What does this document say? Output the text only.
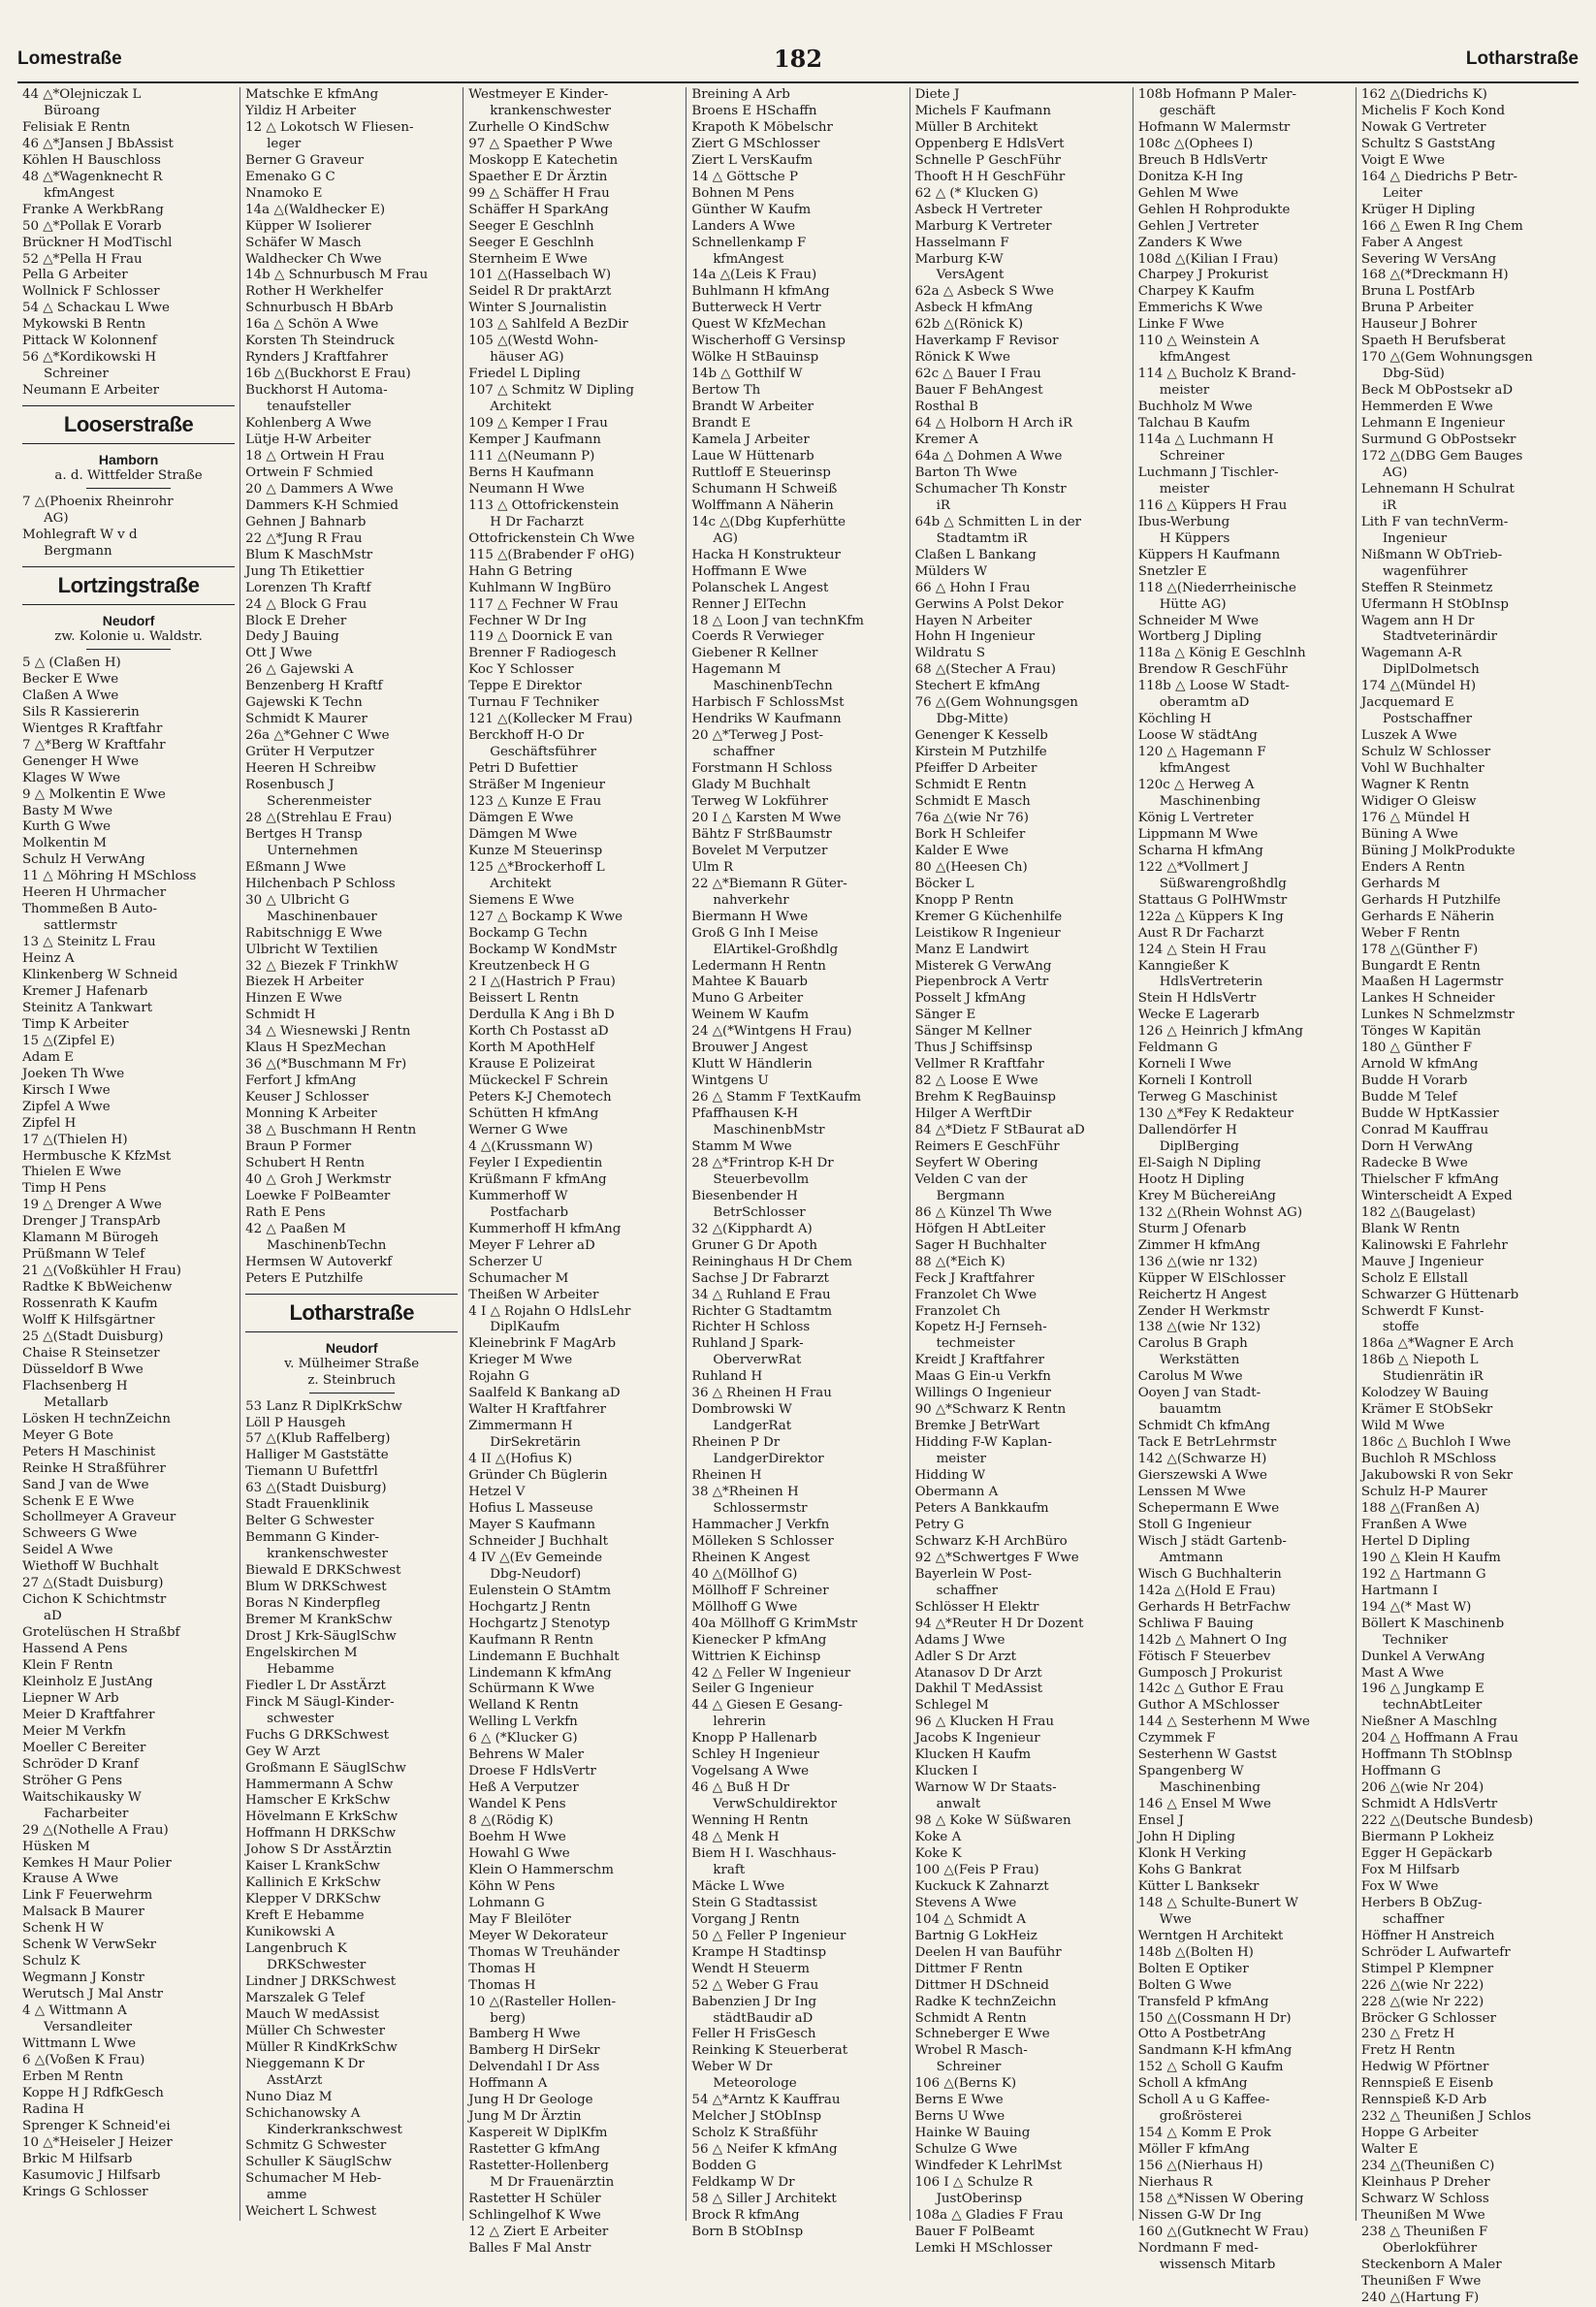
Lomestraße	182	Lotharstraße
44 △*Olejniczak L
Büroang
Felisiak E Rentn
46 △*Jansen J BbAssist
Köhlen H Bauschloss
48 △*Wagenknecht R
kfmAngest
Franke A WerkbRang
50 △*Pollak E Vorarb
Brückner H ModTischl
52 △*Pella H Frau
Pella G Arbeiter
Wollnick F Schlosser
54 △ Schackau L Wwe
Mykowski B Rentn
Pittack W Kolonnenf
56 △*Kordikowski H
Schreiner
Neumann E Arbeiter
Looserstraße
Hamborn
a. d. Wittfelder Straße
7 △(Phoenix Rheinrohr
AG)
Mohlegraft W v d
Bergmann
Lortzingstraße
Neudorf
zw. Kolonie u. Waldstr.
5 △ (Claßen H)
Becker E Wwe
Claßen A Wwe
Sils R Kassiererin
Wientges R Kraftfahr
7 △*Berg W Kraftfahr
Genenger H Wwe
Klages W Wwe
9 △ Molkentin E Wwe
Basty M Wwe
Kurth G Wwe
Molkentin M
Schulz H VerwAng
11 △ Möhring H MSchloss
Heeren H Uhrmacher
Thommeßen B Auto-
sattlermstr
13 △ Steinitz L Frau
Heinz A
Klinkenberg W Schneid
Kremer J Hafenarb
Steinitz A Tankwart
Timp K Arbeiter
15 △(Zipfel E)
Adam E
Joeken Th Wwe
Kirsch I Wwe
Zipfel A Wwe
Zipfel H
17 △(Thielen H)
Hermbusche K KfzMst
Thielen E Wwe
Timp H Pens
19 △ Drenger A Wwe
Drenger J TranspArb
Klamann M Bürogeh
Prüßmann W Telef
21 △(Voßkühler H Frau)
Radtke K BbWeichenw
Rossenrath K Kaufm
Wolff K Hilfsgärtner
25 △(Stadt Duisburg)
Chaise R Steinsetzer
Düsseldorf B Wwe
Flachsenberg H
Metallarb
Lösken H technZeichn
Meyer G Bote
Peters H Maschinist
Reinke H Straßführer
Sand J van de Wwe
Schenk E E Wwe
Schollmeyer A Graveur
Schweers G Wwe
Seidel A Wwe
Wiethoff W Buchhalt
27 △(Stadt Duisburg)
Cichon K Schichtmstr
aD
Grotelüschen H Straßbf
Hassend A Pens
Klein F Rentn
Kleinholz E JustAng
Liepner W Arb
Meier D Kraftfahrer
Meier M Verkfn
Moeller C Bereiter
Schröder D Kranf
Ströher G Pens
Waitschikausky W
Facharbeiter
29 △(Nothelle A Frau)
Hüsken M
Kemkes H Maur Polier
Krause A Wwe
Link F Feuerwehrm
Malsack B Maurer
Schenk H W
Schenk W VerwSekr
Schulz K
Wegmann J Konstr
Werutsch J Mal Anstr
4 △ Wittmann A
Versandleiter
Wittmann L Wwe
6 △(Voßen K Frau)
Erben M Rentn
Koppe H J RdfkGesch
Radina H
Sprenger K Schneid'ei
10 △*Heiseler J Heizer
Brkic M Hilfsarb
Kasumovic J Hilfsarb
Krings G Schlosser
Matschke E kfmAng
Yildiz H Arbeiter
12 △ Lokotsch W Fliesen-
leger
Berner G Graveur
Emenako G C
Nnamoko E
14a △(Waldhecker E)
Küpper W Isolierer
Schäfer W Masch
Waldhecker Ch Wwe
14b △ Schnurbusch M Frau
Rother H Werkhelfer
Schnurbusch H BbArb
16a △ Schön A Wwe
Korsten Th Steindruck
Rynders J Kraftfahrer
16b △(Buckhorst E Frau)
Buckhorst H Automa-
tenaufsteller
Kohlenberg A Wwe
Lütje H-W Arbeiter
18 △ Ortwein H Frau
Ortwein F Schmied
20 △ Dammers A Wwe
Dammers K-H Schmied
Gehnen J Bahnarb
22 △*Jung R Frau
Blum K MaschMstr
Jung Th Etikettier
Lorenzen Th Kraftf
24 △ Block G Frau
Block E Dreher
Dedy J Bauing
Ott J Wwe
26 △ Gajewski A
Benzenberg H Kraftf
Gajewski K Techn
Schmidt K Maurer
26a △*Gehner C Wwe
Grüter H Verputzer
Heeren H Schreibw
Rosenbusch J
Scherenmeister
28 △(Strehlau E Frau)
Bertges H Transp
Unternehmen
Eßmann J Wwe
Hilchenbach P Schloss
30 △ Ulbricht G
Maschinenbauer
Rabitschnigg E Wwe
Ulbricht W Textilien
32 △ Biezek F TrinkhW
Biezek H Arbeiter
Hinzen E Wwe
Schmidt H
34 △ Wiesnewski J Rentn
Klaus H SpezMechan
36 △(*Buschmann M Fr)
Ferfort J kfmAng
Keuser J Schlosser
Monning K Arbeiter
38 △ Buschmann H Rentn
Braun P Former
Schubert H Rentn
40 △ Groh J Werkmstr
Loewke F PolBeamter
Rath E Pens
42 △ Paaßen M
MaschinenbTechn
Hermsen W Autoverkf
Peters E Putzhilfe
Lotharstraße
Neudorf
v. Mülheimer Straße
z. Steinbruch
53 Lanz R DiplKrkSchw
Löll P Hausgeh
57 △(Klub Raffelberg)
Halliger M Gaststätte
Tiemann U Bufettfrl
63 △(Stadt Duisburg)
Stadt Frauenklinik
Belter G Schwester
Bemmann G Kinder-
krankenschwester
Biewald E DRKSchwest
Blum W DRKSchwest
Boras N Kinderpfleg
Bremer M KrankSchw
Drost J Krk-SäuglSchw
Engelskirchen M
Hebamme
Fiedler L Dr AsstÄrzt
Finck M Säugl-Kinder-
schwester
Fuchs G DRKSchwest
Gey W Arzt
Großmann E SäuglSchw
Hammermann A Schw
Hamscher E KrkSchw
Hövelmann E KrkSchw
Hoffmann H DRKSchw
Johow S Dr AsstÄrztin
Kaiser L KrankSchw
Kallinich E KrkSchw
Klepper V DRKSchw
Kreft E Hebamme
Kunikowski A
Langenbruch K
DRKSchwester
Lindner J DRKSchwest
Marszalek G Telef
Mauch W medAssist
Müller Ch Schwester
Müller R KindKrkSchw
Nieggemann K Dr
AsstArzt
Nuno Diaz M
Schichanowsky A
Kinderkrankschwest
Schmitz G Schwester
Schuller K SäuglSchw
Schumacher M Heb-
amme
Weichert L Schwest
Westmeyer E Kinder-
krankenschwester
Zurhelle O KindSchw
97 △ Spaether P Wwe
Moskopp E Katechetin
Spaether E Dr Ärztin
99 △ Schäffer H Frau
Schäffer H SparkAng
Seeger E Geschlnh
Seeger E Geschlnh
Sternheim E Wwe
101 △(Hasselbach W)
Seidel R Dr praktArzt
Winter S Journalistin
103 △ Sahlfeld A BezDir
105 △(Westd Wohn-
häuser AG)
Friedel L Dipling
107 △ Schmitz W Dipling
Architekt
109 △ Kemper I Frau
Kemper J Kaufmann
111 △(Neumann P)
Berns H Kaufmann
Neumann H Wwe
113 △ Ottofrickenstein
H Dr Facharzt
Ottofrickenstein Ch Wwe
115 △(Brabender F oHG)
Hahn G Betring
Kuhlmann W IngBüro
117 △ Fechner W Frau
Fechner W Dr Ing
119 △ Doornick E van
Brenner F Radiogesch
Koc Y Schlosser
Teppe E Direktor
Turnau F Techniker
121 △(Kollecker M Frau)
Berckhoff H-O Dr
Geschäftsführer
Petri D Bufettier
Sträßer M Ingenieur
123 △ Kunze E Frau
Dämgen E Wwe
Dämgen M Wwe
Kunze M Steuerinsp
125 △*Brockerhoff L
Architekt
Siemens E Wwe
127 △ Bockamp K Wwe
Bockamp G Techn
Bockamp W KondMstr
Kreutzenbeck H G
2 I △(Hastrich P Frau)
Beissert L Rentn
Derdulla K Ang i Bh D
Korth Ch Postasst aD
Korth M ApothHelf
Krause E Polizeirat
Mückeckel F Schrein
Peters K-J Chemotech
Schütten H kfmAng
Werner G Wwe
4 △(Krussmann W)
Feyler I Expedientin
Krüßmann F kfmAng
Kummerhoff W
Postfacharb
Kummerhoff H kfmAng
Meyer F Lehrer aD
Scherzer U
Schumacher M
Theißen W Arbeiter
4 I △ Rojahn O HdlsLehr
DiplKaufm
Kleinebrink F MagArb
Krieger M Wwe
Rojahn G
Saalfeld K Bankang aD
Walter H Kraftfahrer
Zimmermann H
DirSekretärin
4 II △(Hofius K)
Gründer Ch Büglerin
Hetzel V
Hofius L Masseuse
Mayer S Kaufmann
Schneider J Buchhalt
4 IV △(Ev Gemeinde
Dbg-Neudorf)
Eulenstein O StAmtm
Hochgartz J Rentn
Hochgartz J Stenotyp
Kaufmann R Rentn
Lindemann E Buchhalt
Lindemann K kfmAng
Schürmann K Wwe
Welland K Rentn
Welling L Verkfn
6 △ (*Klucker G)
Behrens W Maler
Droese F HdlsVertr
Heß A Verputzer
Wandel K Pens
8 △(Rödig K)
Boehm H Wwe
Howahl G Wwe
Klein O Hammerschm
Köhn W Pens
Lohmann G
May F Bleilöter
Meyer W Dekorateur
Thomas W Treuhänder
Thomas H
Thomas H
10 △(Rasteller Hollen-
berg)
Bamberg H Wwe
Bamberg H DirSekr
Delvendahl I Dr Ass
Hoffmann A
Jung H Dr Geologe
Jung M Dr Ärztin
Kaspereit W DiplKfm
Rastetter G kfmAng
Rastetter-Hollenberg
M Dr Frauenärztin
Rastetter H Schüler
Schlingelhof K Wwe
12 △ Ziert E Arbeiter
Balles F Mal Anstr
Breining A Arb
Broens E HSchaffn
Krapoth K Möbelschr
Ziert G MSchlosser
Ziert L VersKaufm
14 △ Göttsche P
Bohnen M Pens
Günther W Kaufm
Landers A Wwe
Schnellenkamp F
kfmAngest
14a △(Leis K Frau)
Buhlmann H kfmAng
Butterweck H Vertr
Quest W KfzMechan
Wischerhoff G Versinsp
Wölke H StBauinsp
14b △ Gotthilf W
Bertow Th
Brandt W Arbeiter
Brandt E
Kamela J Arbeiter
Laue W Hüttenarb
Ruttloff E Steuerinsp
Schumann H Schweiß
Wolffmann A Näherin
14c △(Dbg Kupferhütte
AG)
Hacka H Konstrukteur
Hoffmann E Wwe
Polanschek L Angest
Renner J ElTechn
18 △ Loon J van technKfm
Coerds R Verwieger
Giebener R Kellner
Hagemann M
MaschinenbTechn
Harbisch F SchlossMst
Hendriks W Kaufmann
20 △*Terweg J Post-
schaffner
Forstmann H Schloss
Glady M Buchhalt
Terweg W Lokführer
20 I △ Karsten M Wwe
Bähtz F StrßBaumstr
Bovelet M Verputzer
Ulm R
22 △*Biemann R Güter-
nahverkehr
Biermann H Wwe
Groß G Inh I Meise
ElArtikel-Großhdlg
Ledermann H Rentn
Mahtee K Bauarb
Muno G Arbeiter
Weinem W Kaufm
24 △(*Wintgens H Frau)
Brouwer J Angest
Klutt W Händlerin
Wintgens U
26 △ Stamm F TextKaufm
Pfaffhausen K-H
MaschinenbMstr
Stamm M Wwe
28 △*Frintrop K-H Dr
Steuerbevollm
Biesenbender H
BetrSchlosser
32 △(Kipphardt A)
Gruner G Dr Apoth
Reininghaus H Dr Chem
Sachse J Dr Fabrarzt
34 △ Ruhland E Frau
Richter G Stadtamtm
Richter H Schloss
Ruhland J Spark-
OberverwRat
Ruhland H
36 △ Rheinen H Frau
Dombrowski W
LandgerRat
Rheinen P Dr
LandgerDirektor
Rheinen H
38 △*Rheinen H
Schlossermstr
Hammacher J Verkfn
Mölleken S Schlosser
Rheinen K Angest
40 △(Möllhof G)
Möllhoff F Schreiner
Möllhoff G Wwe
40a Möllhoff G KrimMstr
Kienecker P kfmAng
Wittrien K Eichinsp
42 △ Feller W Ingenieur
Seiler G Ingenieur
44 △ Giesen E Gesang-
lehrerin
Knopp P Hallenarb
Schley H Ingenieur
Vogelsang A Wwe
46 △ Buß H Dr
VerwSchuldirektor
Wenning H Rentn
48 △ Menk H
Biem H I. Waschhaus-
kraft
Mäcke L Wwe
Stein G Stadtassist
Vorgang J Rentn
50 △ Feller P Ingenieur
Krampe H Stadtinsp
Wendt H Steuerm
52 △ Weber G Frau
Babenzien J Dr Ing
städtBaudir aD
Feller H FrisGesch
Reinking K Steuerberat
Weber W Dr
Meteorologe
54 △*Arntz K Kauffrau
Melcher J StObInsp
Scholz K Straßführ
56 △ Neifer K kfmAng
Bodden G
Feldkamp W Dr
58 △ Siller J Architekt
Brock R kfmAng
Born B StObInsp
Diete J
Michels F Kaufmann
Müller B Architekt
Oppenberg E HdlsVert
Schnelle P GeschFühr
Thooft H H GeschFühr
62 △ (* Klucken G)
Asbeck H Vertreter
Marburg K Vertreter
Hasselmann F
Marburg K-W
VersAgent
62a △ Asbeck S Wwe
Asbeck H kfmAng
62b △(Rönick K)
Haverkamp F Revisor
Rönick K Wwe
62c △ Bauer I Frau
Bauer F BehAngest
Rosthal B
64 △ Holborn H Arch iR
Kremer A
64a △ Dohmen A Wwe
Barton Th Wwe
Schumacher Th Konstr
iR
64b △ Schmitten L in der
Stadtamtm iR
Claßen L Bankang
Mülders W
66 △ Hohn I Frau
Gerwins A Polst Dekor
Hayen N Arbeiter
Hohn H Ingenieur
Wildratu S
68 △(Stecher A Frau)
Stechert E kfmAng
76 △(Gem Wohnungsgen
Dbg-Mitte)
Genenger K Kesselb
Kirstein M Putzhilfe
Pfeiffer D Arbeiter
Schmidt E Rentn
Schmidt E Masch
76a △(wie Nr 76)
Bork H Schleifer
Kalder E Wwe
80 △(Heesen Ch)
Böcker L
Knopp P Rentn
Kremer G Küchenhilfe
Leistikow R Ingenieur
Manz E Landwirt
Misterek G VerwAng
Piepenbrock A Vertr
Posselt J kfmAng
Sänger E
Sänger M Kellner
Thus J Schiffsinsp
Vellmer R Kraftfahr
82 △ Loose E Wwe
Brehm K RegBauinsp
Hilger A WerftDir
84 △*Dietz F StBaurat aD
Reimers E GeschFühr
Seyfert W Obering
Velden C van der
Bergmann
86 △ Künzel Th Wwe
Höfgen H AbtLeiter
Sager H Buchhalter
88 △(*Eich K)
Feck J Kraftfahrer
Franzolet Ch Wwe
Franzolet Ch
Kopetz H-J Fernseh-
techmeister
Kreidt J Kraftfahrer
Maas G Ein-u Verkfn
Willings O Ingenieur
90 △*Schwarz K Rentn
Bremke J BetrWart
Hidding F-W Kaplan-
meister
Hidding W
Obermann A
Peters A Bankkaufm
Petry G
Schwarz K-H ArchBüro
92 △*Schwertges F Wwe
Bayerlein W Post-
schaffner
Schlösser H Elektr
94 △*Reuter H Dr Dozent
Adams J Wwe
Adler S Dr Arzt
Atanasov D Dr Arzt
Dakhil T MedAssist
Schlegel M
96 △ Klucken H Frau
Jacobs K Ingenieur
Klucken H Kaufm
Klucken I
Warnow W Dr Staats-
anwalt
98 △ Koke W Süßwaren
Koke A
Koke K
100 △(Feis P Frau)
Kuckuck K Zahnarzt
Stevens A Wwe
104 △ Schmidt A
Bartnig G LokHeiz
Deelen H van Bauführ
Dittmer F Rentn
Dittmer H DSchneid
Radke K technZeichn
Schmidt A Rentn
Schneberger E Wwe
Wrobel R Masch-
Schreiner
106 △(Berns K)
Berns E Wwe
Berns U Wwe
Hainke W Bauing
Schulze G Wwe
Windfeder K LehrlMst
106 I △ Schulze R
JustOberinsp
108a △ Gladies F Frau
Bauer F PolBeamt
Lemki H MSchlosser
108b Hofmann P Maler-
geschäft
Hofmann W Malermstr
108c △(Ophees I)
Breuch B HdlsVertr
Donitza K-H Ing
Gehlen M Wwe
Gehlen H Rohprodukte
Gehlen J Vertreter
Zanders K Wwe
108d △(Kilian I Frau)
Charpey J Prokurist
Charpey K Kaufm
Emmerichs K Wwe
Linke F Wwe
110 △ Weinstein A
kfmAngest
114 △ Bucholz K Brand-
meister
Buchholz M Wwe
Talchau B Kaufm
114a △ Luchmann H
Schreiner
Luchmann J Tischler-
meister
116 △ Küppers H Frau
Ibus-Werbung
H Küppers
Küppers H Kaufmann
Snetzler E
118 △(Niederrheinische
Hütte AG)
Schneider M Wwe
Wortberg J Dipling
118a △ König E Geschlnh
Brendow R GeschFühr
118b △ Loose W Stadt-
oberamtm aD
Köchling H
Loose W städtAng
120 △ Hagemann F
kfmAngest
120c △ Herweg A
Maschinenbing
König L Vertreter
Lippmann M Wwe
Scharna H kfmAng
122 △*Vollmert J
Süßwarengroßhdlg
Stattaus G PolHWmstr
122a △ Küppers K Ing
Aust R Dr Facharzt
124 △ Stein H Frau
Kanngießer K
HdlsVertreterin
Stein H HdlsVertr
Wecke E Lagerarb
126 △ Heinrich J kfmAng
Feldmann G
Korneli I Wwe
Korneli I Kontroll
Terweg G Maschinist
130 △*Fey K Redakteur
Dallendörfer H
DiplBerging
El-Saigh N Dipling
Hootz H Dipling
Krey M BüchereiAng
132 △(Rhein Wohnst AG)
Sturm J Ofenarb
Zimmer H kfmAng
136 △(wie nr 132)
Küpper W ElSchlosser
Reichertz H Angest
Zender H Werkmstr
138 △(wie Nr 132)
Carolus B Graph
Werkstätten
Carolus M Wwe
Ooyen J van Stadt-
bauamtm
Schmidt Ch kfmAng
Tack E BetrLehrmstr
142 △(Schwarze H)
Gierszewski A Wwe
Lenssen M Wwe
Schepermann E Wwe
Stoll G Ingenieur
Wisch J städt Gartenb-
Amtmann
Wisch G Buchhalterin
142a △(Hold E Frau)
Gerhards H BetrFachw
Schliwa F Bauing
142b △ Mahnert O Ing
Fötisch F Steuerbev
Gumposch J Prokurist
142c △ Guthor E Frau
Guthor A MSchlosser
144 △ Sesterhenn M Wwe
Czymmek F
Sesterhenn W Gastst
Spangenberg W
Maschinenbing
146 △ Ensel M Wwe
Ensel J
John H Dipling
Klonk H Verking
Kohs G Bankrat
Kütter L Banksekr
148 △ Schulte-Bunert W
Wwe
Werntgen H Architekt
148b △(Bolten H)
Bolten E Optiker
Bolten G Wwe
Transfeld P kfmAng
150 △(Cossmann H Dr)
Otto A PostbetrAng
Sandmann K-H kfmAng
152 △ Scholl G Kaufm
Scholl A kfmAng
Scholl A u G Kaffee-
großrösterei
154 △ Komm E Prok
Möller F kfmAng
156 △(Nierhaus H)
Nierhaus R
158 △*Nissen W Obering
Nissen G-W Dr Ing
160 △(Gutknecht W Frau)
Nordmann F med-
wissensch Mitarb
162 △(Diedrichs K)
Michelis F Koch Kond
Nowak G Vertreter
Schultz S GaststAng
Voigt E Wwe
164 △ Diedrichs P Betr-
Leiter
Krüger H Dipling
166 △ Ewen R Ing Chem
Faber A Angest
Severing W VersAng
168 △(*Dreckmann H)
Bruna L PostfArb
Bruna P Arbeiter
Hauseur J Bohrer
Spaeth H Berufsberat
170 △(Gem Wohnungsgen
Dbg-Süd)
Beck M ObPostsekr aD
Hemmerden E Wwe
Lehmann E Ingenieur
Surmund G ObPostsekr
172 △(DBG Gem Bauges
AG)
Lehnemann H Schulrat
iR
Lith F van technVerm-
Ingenieur
Nißmann W ObTrieb-
wagenführer
Steffen R Steinmetz
Ufermann H StObInsp
Wagem ann H Dr
Stadtveterinärdir
Wagemann A-R
DiplDolmetsch
174 △(Mündel H)
Jacquemard E
Postschaffner
Luszek A Wwe
Schulz W Schlosser
Vohl W Buchhalter
Wagner K Rentn
Widiger O Gleisw
176 △ Mündel H
Büning A Wwe
Büning J MolkProdukte
Enders A Rentn
Gerhards M
Gerhards H Putzhilfe
Gerhards E Näherin
Weber F Rentn
178 △(Günther F)
Bungardt E Rentn
Maaßen H Lagermstr
Lankes H Schneider
Lunkes N Schmelzmstr
Tönges W Kapitän
180 △ Günther F
Arnold W kfmAng
Budde H Vorarb
Budde M Telef
Budde W HptKassier
Conrad M Kauffrau
Dorn H VerwAng
Radecke B Wwe
Thielscher F kfmAng
Winterscheidt A Exped
182 △(Baugelast)
Blank W Rentn
Kalinowski E Fahrlehr
Mauve J Ingenieur
Scholz E Ellstall
Schwarzer G Hüttenarb
Schwerdt F Kunst-
stoffe
186a △*Wagner E Arch
186b △ Niepoth L
Studienrätin iR
Kolodzey W Bauing
Krämer E StObSekr
Wild M Wwe
186c △ Buchloh I Wwe
Buchloh R MSchloss
Jakubowski R von Sekr
Schulz H-P Maurer
188 △(Franßen A)
Franßen A Wwe
Hertel D Dipling
190 △ Klein H Kaufm
192 △ Hartmann G
Hartmann I
194 △(* Mast W)
Böllert K Maschinenb
Techniker
Dunkel A VerwAng
Mast A Wwe
196 △ Jungkamp E
technAbtLeiter
Nießner A Maschlng
204 △ Hoffmann A Frau
Hoffmann Th StOblnsp
Hoffmann G
206 △(wie Nr 204)
Schmidt A HdlsVertr
222 △(Deutsche Bundesb)
Biermann P Lokheiz
Egger H Gepäckarb
Fox M Hilfsarb
Fox W Wwe
Herbers B ObZug-
schaffner
Höffner H Anstreich
Schröder L Aufwartefr
Stimpel P Klempner
226 △(wie Nr 222)
228 △(wie Nr 222)
Bröcker G Schlosser
230 △ Fretz H
Fretz H Rentn
Hedwig W Pförtner
Rennspieß E Eisenb
Rennspieß K-D Arb
232 △ Theunißen J Schlos
Hoppe G Arbeiter
Walter E
234 △(Theunißen C)
Kleinhaus P Dreher
Schwarz W Schloss
Theunißen M Wwe
238 △ Theunißen F
Oberlokführer
Steckenborn A Maler
Theunißen F Wwe
240 △(Hartung F)
